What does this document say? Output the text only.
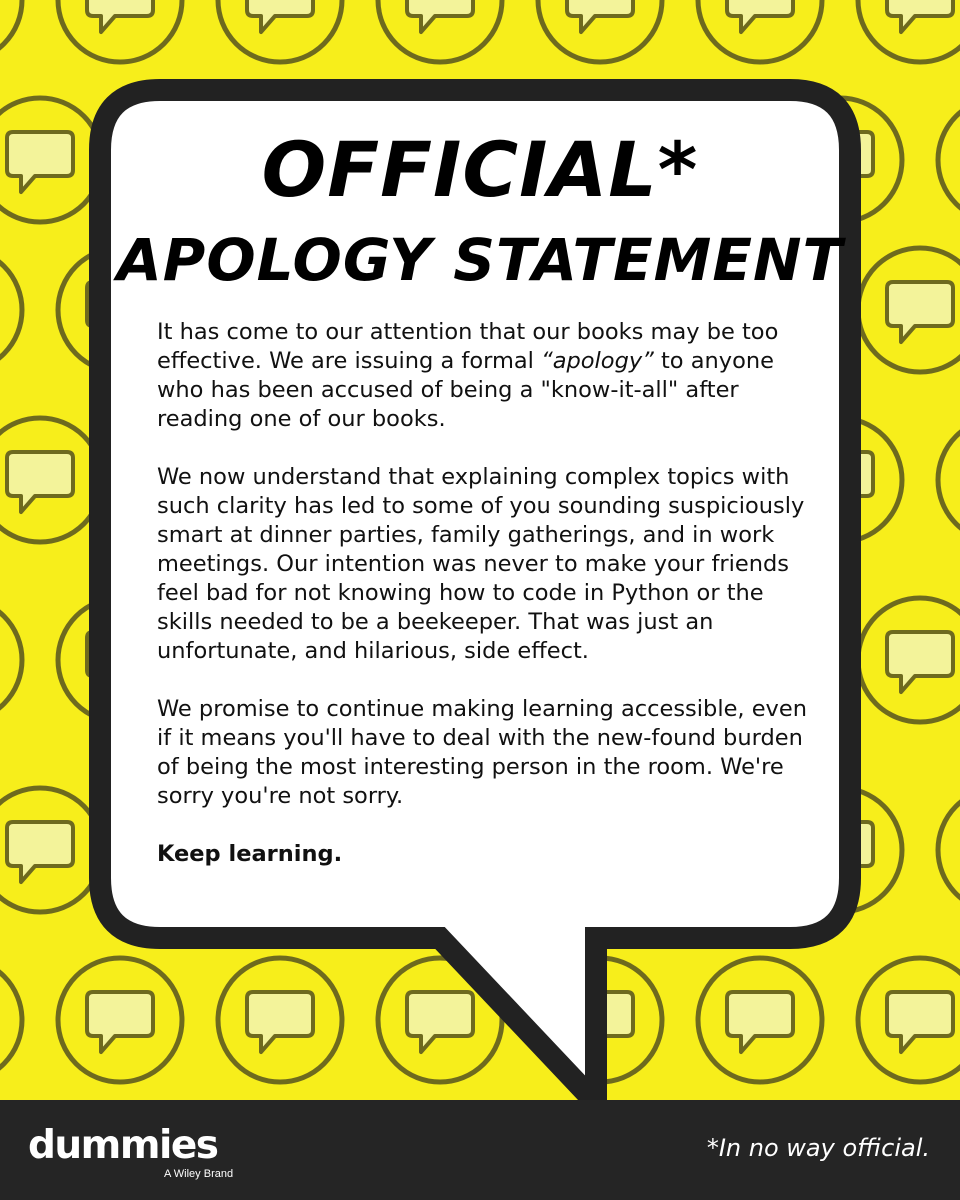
OFFICIAL*
APOLOGY STATEMENT

It has come to our attention that our books may be too effective. We are issuing a formal “apology” to anyone who has been accused of being a "know-it-all" after reading one of our books.

We now understand that explaining complex topics with such clarity has led to some of you sounding suspiciously smart at dinner parties, family gatherings, and in work meetings. Our intention was never to make your friends feel bad for not knowing how to code in Python or the skills needed to be a beekeeper. That was just an unfortunate, and hilarious, side effect.

We promise to continue making learning accessible, even if it means you'll have to deal with the new-found burden of being the most interesting person in the room. We're sorry you're not sorry.

Keep learning.

dummies
A Wiley Brand
*In no way official.
